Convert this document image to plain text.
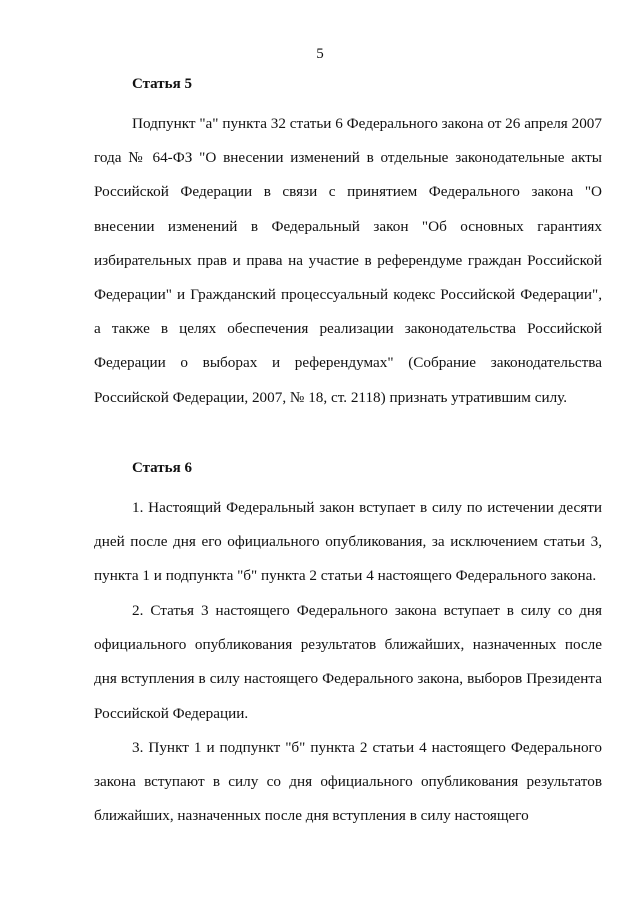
5
Статья 5

Подпункт "а" пункта 32 статьи 6 Федерального закона от 26 апреля 2007 года № 64-ФЗ "О внесении изменений в отдельные законодательные акты Российской Федерации в связи с принятием Федерального закона "О внесении изменений в Федеральный закон "Об основных гарантиях избирательных прав и права на участие в референдуме граждан Российской Федерации" и Гражданский процессуальный кодекс Российской Федерации", а также в целях обеспечения реализации законодательства Российской Федерации о выборах и референдумах" (Собрание законодательства Российской Федерации, 2007, № 18, ст. 2118) признать утратившим силу.

Статья 6

1. Настоящий Федеральный закон вступает в силу по истечении десяти дней после дня его официального опубликования, за исключением статьи 3, пункта 1 и подпункта "б" пункта 2 статьи 4 настоящего Федерального закона.

2. Статья 3 настоящего Федерального закона вступает в силу со дня официального опубликования результатов ближайших, назначенных после дня вступления в силу настоящего Федерального закона, выборов Президента Российской Федерации.

3. Пункт 1 и подпункт "б" пункта 2 статьи 4 настоящего Федерального закона вступают в силу со дня официального опубликования результатов ближайших, назначенных после дня вступления в силу настоящего
